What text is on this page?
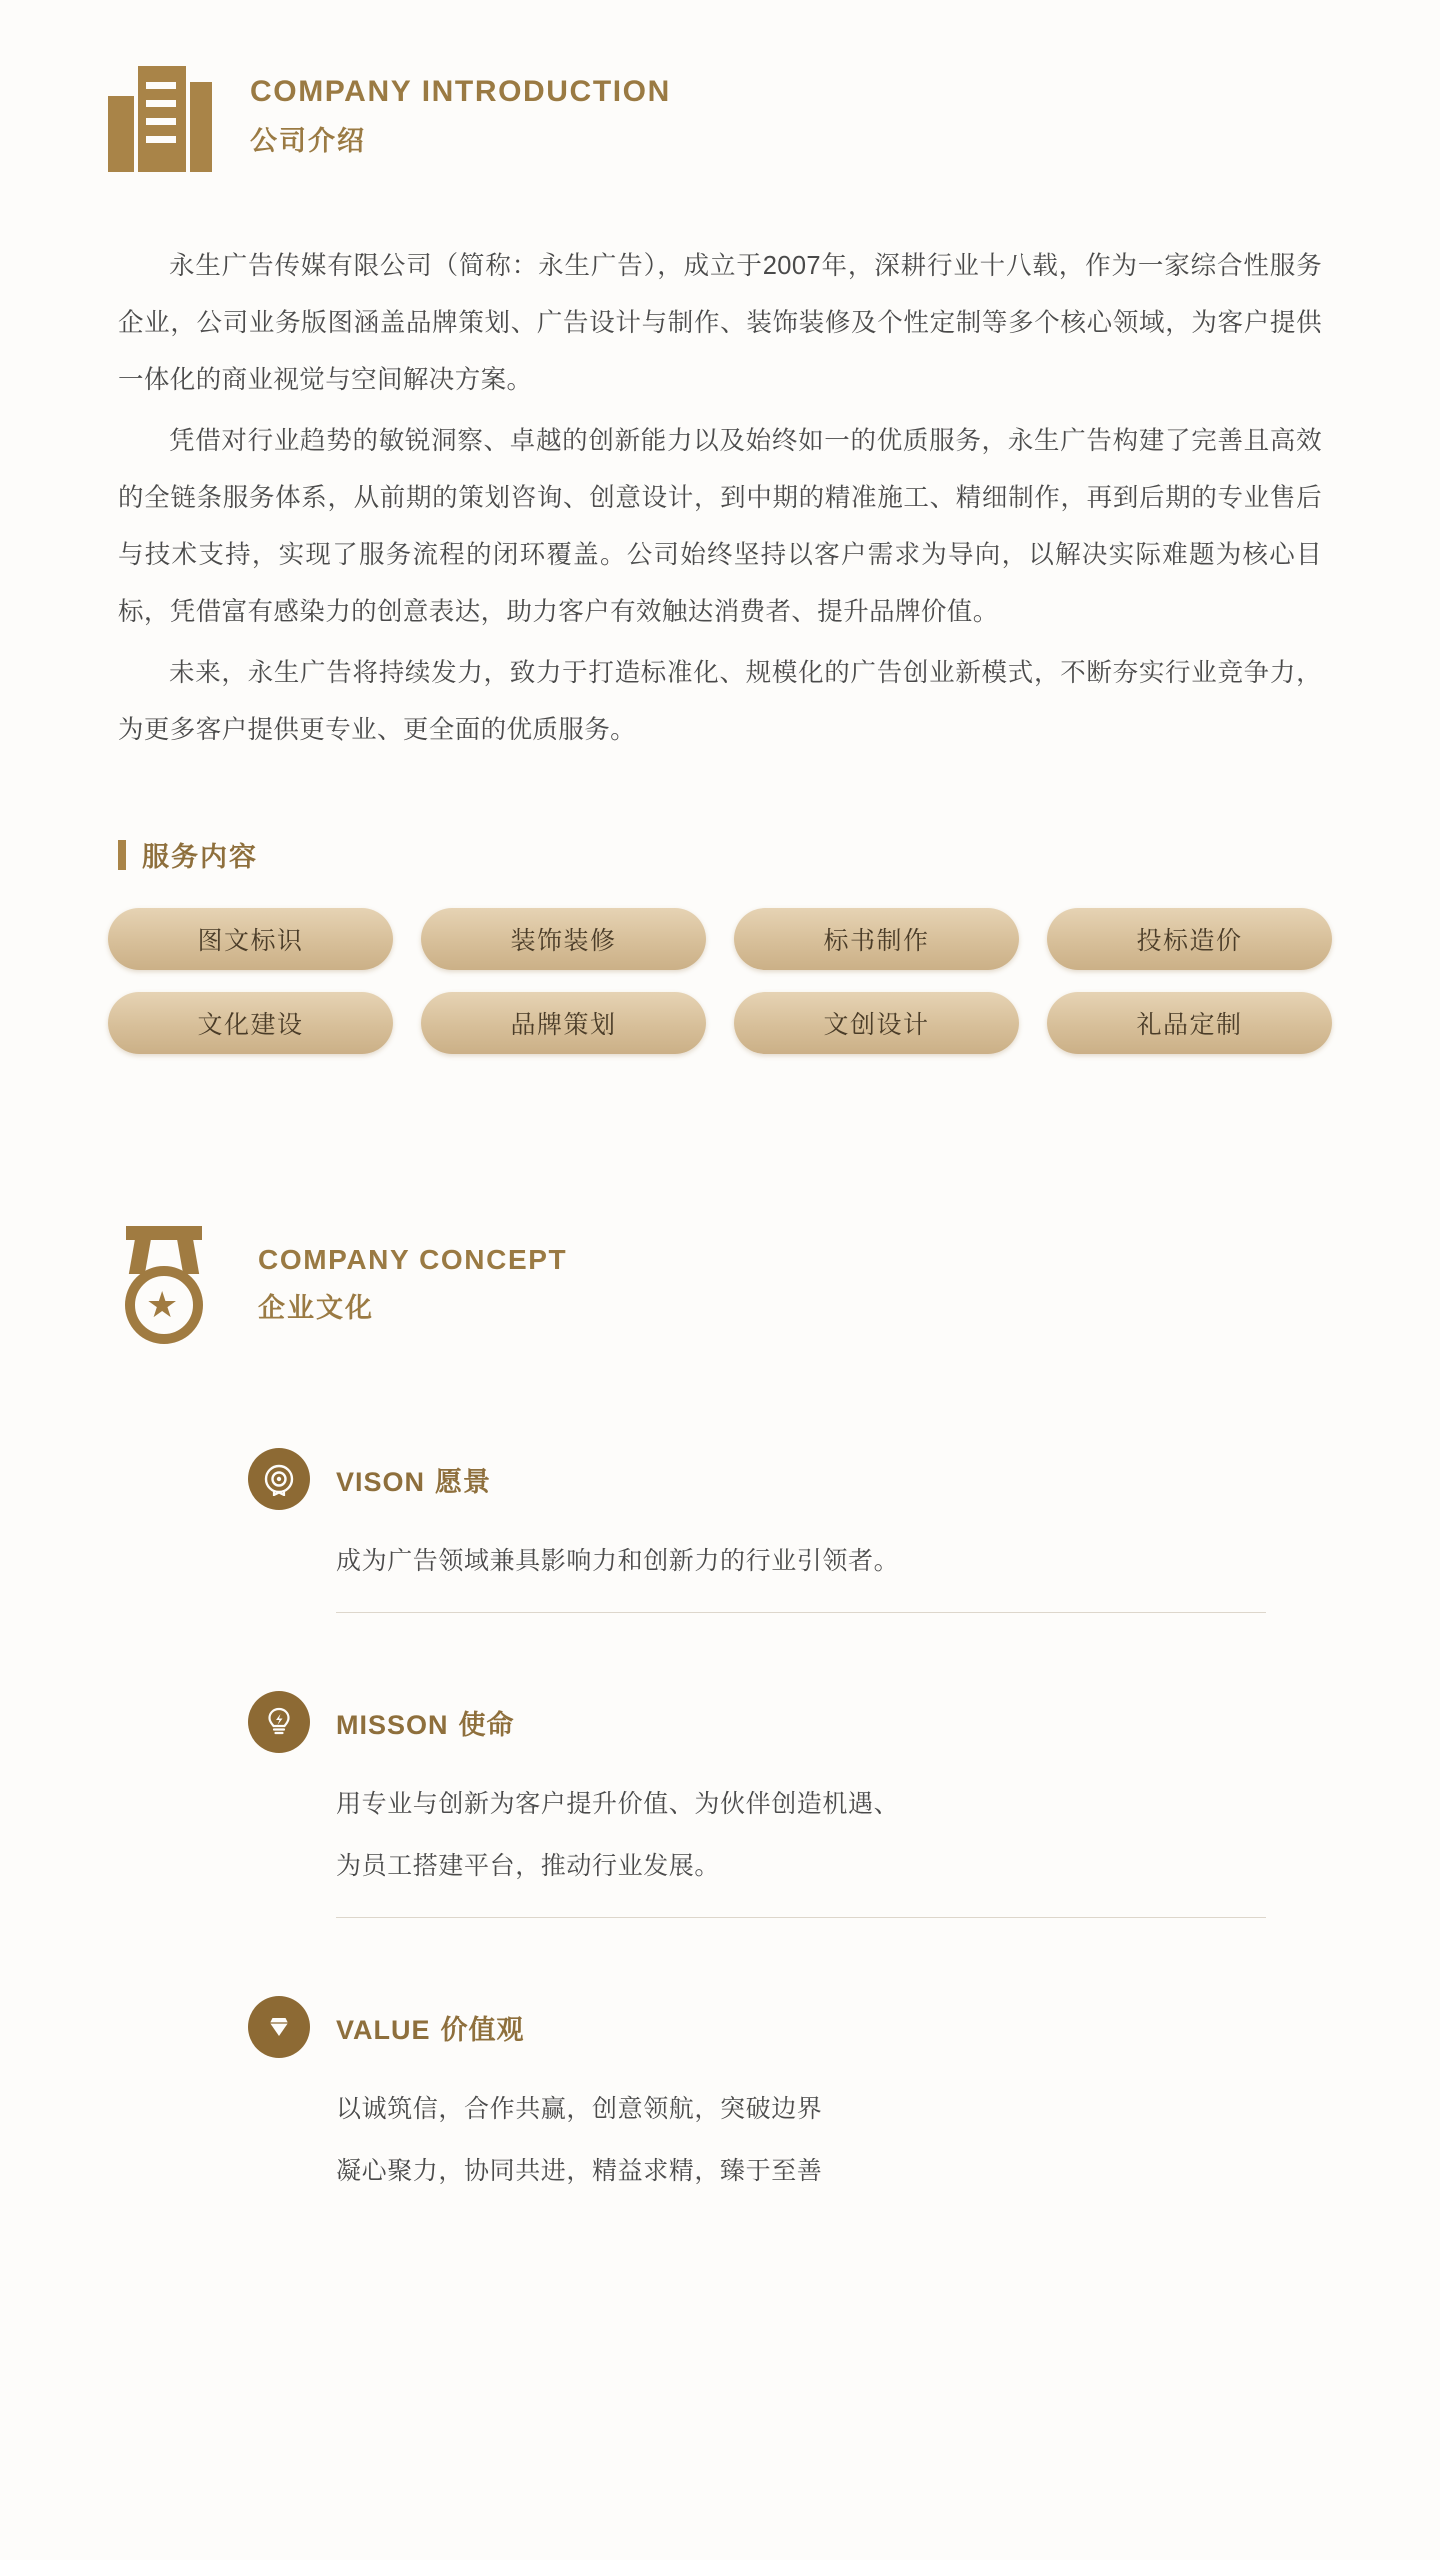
COMPANY INTRODUCTION
公司介绍

永生广告传媒有限公司（简称：永生广告），成立于2007年，深耕行业十八载，作为一家综合性服务企业，公司业务版图涵盖品牌策划、广告设计与制作、装饰装修及个性定制等多个核心领域，为客户提供一体化的商业视觉与空间解决方案。

凭借对行业趋势的敏锐洞察、卓越的创新能力以及始终如一的优质服务，永生广告构建了完善且高效的全链条服务体系，从前期的策划咨询、创意设计，到中期的精准施工、精细制作，再到后期的专业售后与技术支持，实现了服务流程的闭环覆盖。公司始终坚持以客户需求为导向，以解决实际难题为核心目标，凭借富有感染力的创意表达，助力客户有效触达消费者、提升品牌价值。

未来，永生广告将持续发力，致力于打造标准化、规模化的广告创业新模式，不断夯实行业竞争力，为更多客户提供更专业、更全面的优质服务。

服务内容
图文标识	装饰装修	标书制作	投标造价
文化建设	品牌策划	文创设计	礼品定制
★
COMPANY CONCEPT
企业文化
VISON 愿景

成为广告领域兼具影响力和创新力的行业引领者。

MISSON 使命

用专业与创新为客户提升价值、为伙伴创造机遇、

为员工搭建平台，推动行业发展。

VALUE 价值观

以诚筑信，合作共赢，创意领航，突破边界

凝心聚力，协同共进，精益求精，臻于至善
